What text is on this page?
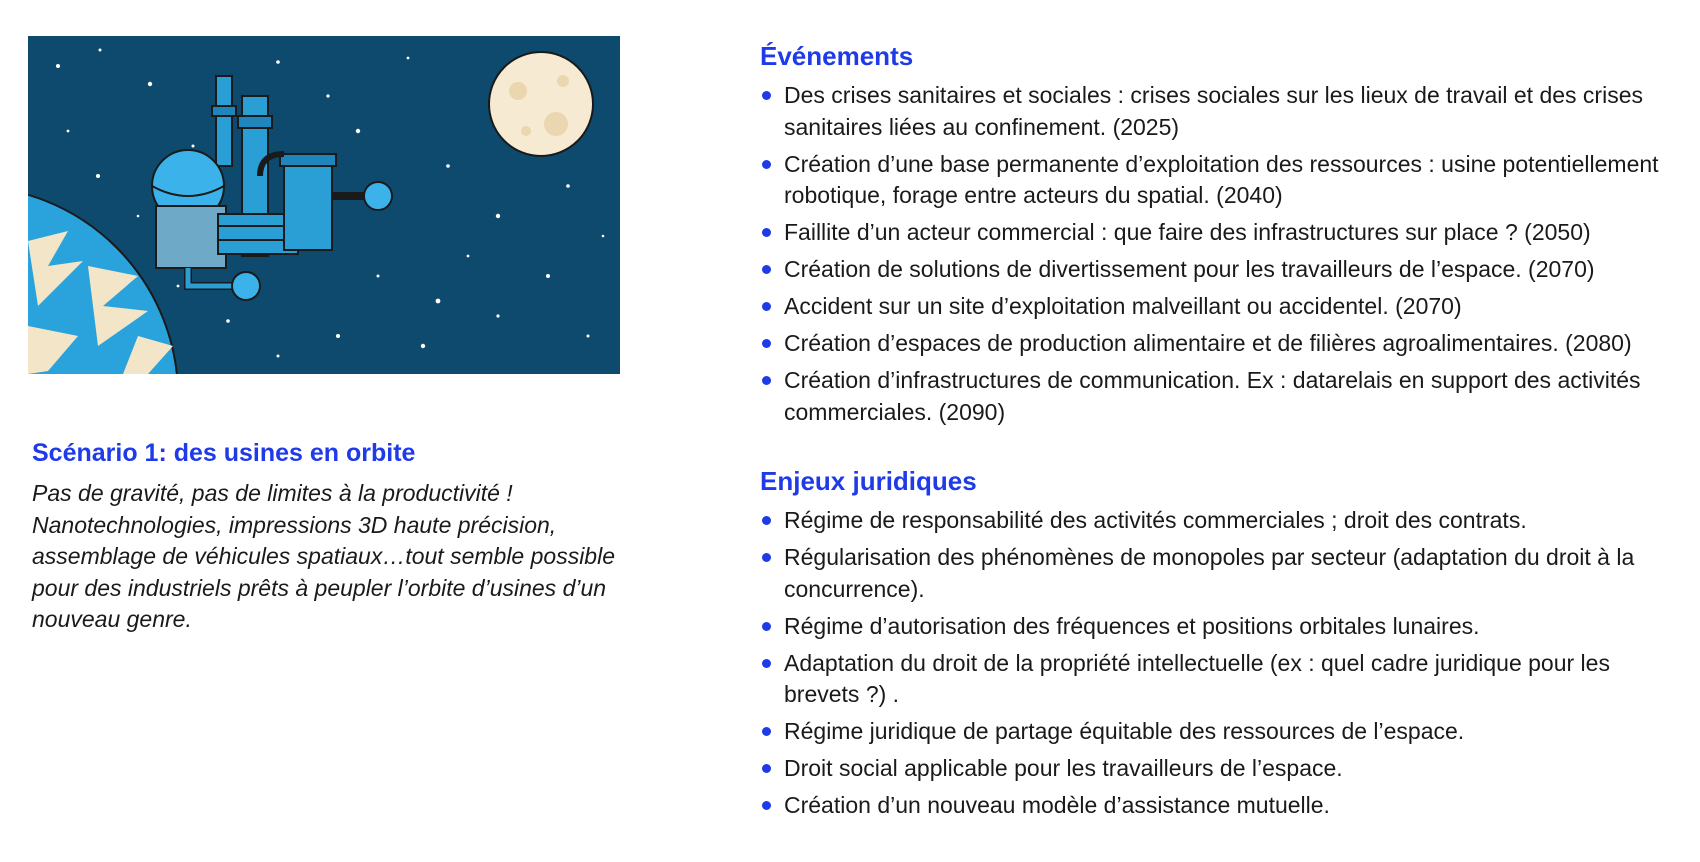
Scénario 1: des usines en orbite

Pas de gravité, pas de limites à la productivité ! Nanotechnologies, impressions 3D haute précision, assemblage de véhicules spatiaux…tout semble possible pour des industriels prêts à peupler l’orbite d’usines d’un nouveau genre.

Événements
Des crises sanitaires et sociales : crises sociales sur les lieux de travail et des crises sanitaires liées au confinement. (2025)
Création d’une base permanente d’exploitation des ressources : usine potentiellement robotique, forage entre acteurs du spatial. (2040)
Faillite d’un acteur commercial : que faire des infrastructures sur place ? (2050)
Création de solutions de divertissement pour les travailleurs de l’espace. (2070)
Accident sur un site d’exploitation malveillant ou accidentel. (2070)
Création d’espaces de production alimentaire et de filières agroalimentaires. (2080)
Création d’infrastructures de communication. Ex : datarelais en support des activités commerciales. (2090)
Enjeux juridiques
Régime de responsabilité des activités commerciales ; droit des contrats.
Régularisation des phénomènes de monopoles par secteur (adaptation du droit à la concurrence).
Régime d’autorisation des fréquences et positions orbitales lunaires.
Adaptation du droit de la propriété intellectuelle (ex : quel cadre juridique pour les brevets ?) .
Régime juridique de partage équitable des ressources de l’espace.
Droit social applicable pour les travailleurs de l’espace.
Création d’un nouveau modèle d’assistance mutuelle.
